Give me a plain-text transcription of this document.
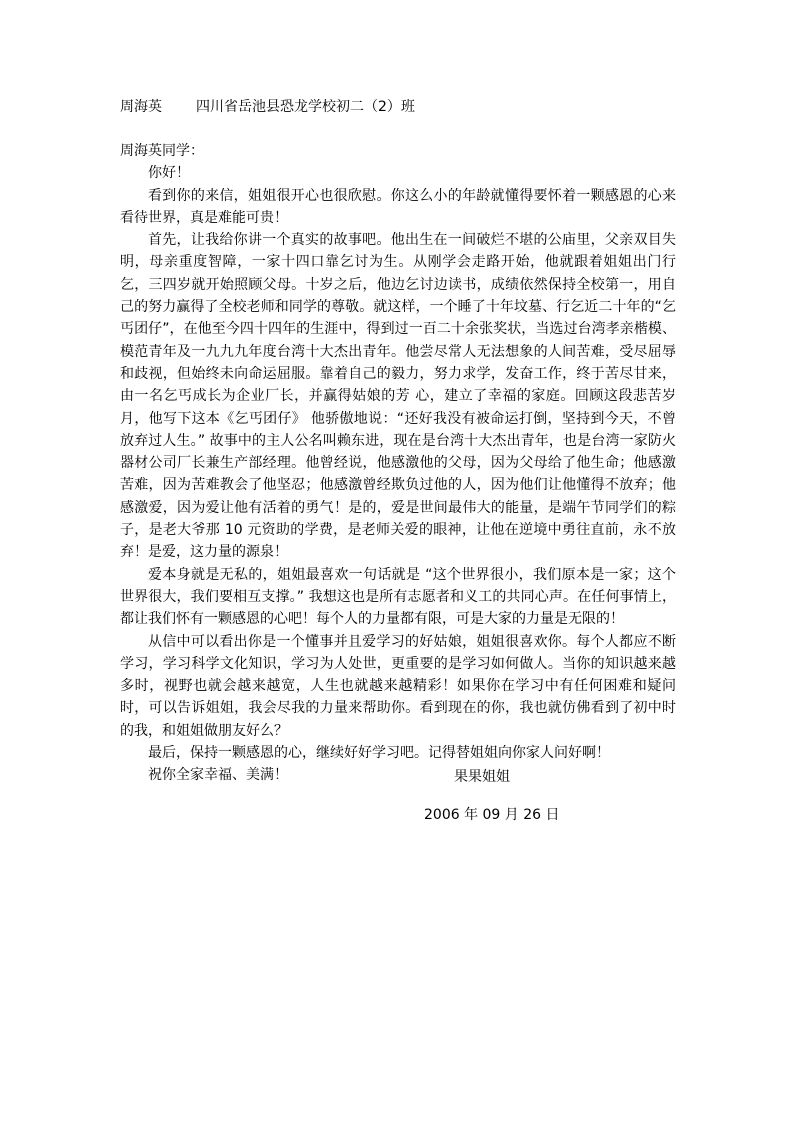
周海英 四川省岳池县恐龙学校初二（2）班

周海英同学：

你好！

看到你的来信，姐姐很开心也很欣慰。你这么小的年龄就懂得要怀着一颗感恩的心来看待世界，真是难能可贵！

首先，让我给你讲一个真实的故事吧。他出生在一间破烂不堪的公庙里，父亲双目失明，母亲重度智障，一家十四口靠乞讨为生。从刚学会走路开始，他就跟着姐姐出门行乞，三四岁就开始照顾父母。十岁之后，他边乞讨边读书，成绩依然保持全校第一，用自己的努力赢得了全校老师和同学的尊敬。就这样，一个睡了十年坟墓、行乞近二十年的“乞丐团仔”，在他至今四十四年的生涯中，得到过一百二十余张奖状，当选过台湾孝亲楷模、模范青年及一九九九年度台湾十大杰出青年。他尝尽常人无法想象的人间苦难，受尽屈辱和歧视，但始终未向命运屈服。靠着自己的毅力，努力求学，发奋工作，终于苦尽甘来，由一名乞丐成长为企业厂长，并赢得姑娘的芳 心，建立了幸福的家庭。回顾这段悲苦岁月，他写下这本《乞丐团仔》 他骄傲地说：“还好我没有被命运打倒，坚持到今天，不曾放弃过人生。” 故事中的主人公名叫赖东进，现在是台湾十大杰出青年，也是台湾一家防火器材公司厂长兼生产部经理。他曾经说，他感激他的父母，因为父母给了他生命；他感激苦难，因为苦难教会了他坚忍；他感激曾经欺负过他的人，因为他们让他懂得不放弃；他感激爱，因为爱让他有活着的勇气！是的，爱是世间最伟大的能量，是端午节同学们的粽子，是老大爷那 10 元资助的学费，是老师关爱的眼神，让他在逆境中勇往直前，永不放弃！是爱，这力量的源泉！

爱本身就是无私的，姐姐最喜欢一句话就是 “这个世界很小，我们原本是一家；这个世界很大，我们要相互支撑。” 我想这也是所有志愿者和义工的共同心声。在任何事情上，都让我们怀有一颗感恩的心吧！每个人的力量都有限，可是大家的力量是无限的！

从信中可以看出你是一个懂事并且爱学习的好姑娘，姐姐很喜欢你。每个人都应不断学习，学习科学文化知识，学习为人处世，更重要的是学习如何做人。当你的知识越来越多时，视野也就会越来越宽，人生也就越来越精彩！如果你在学习中有任何困难和疑问时，可以告诉姐姐，我会尽我的力量来帮助你。看到现在的你，我也就仿佛看到了初中时的我，和姐姐做朋友好么？

最后，保持一颗感恩的心，继续好好学习吧。记得替姐姐向你家人问好啊！

祝你全家幸福、美满！	果果姐姐
2006 年 09 月 26 日
